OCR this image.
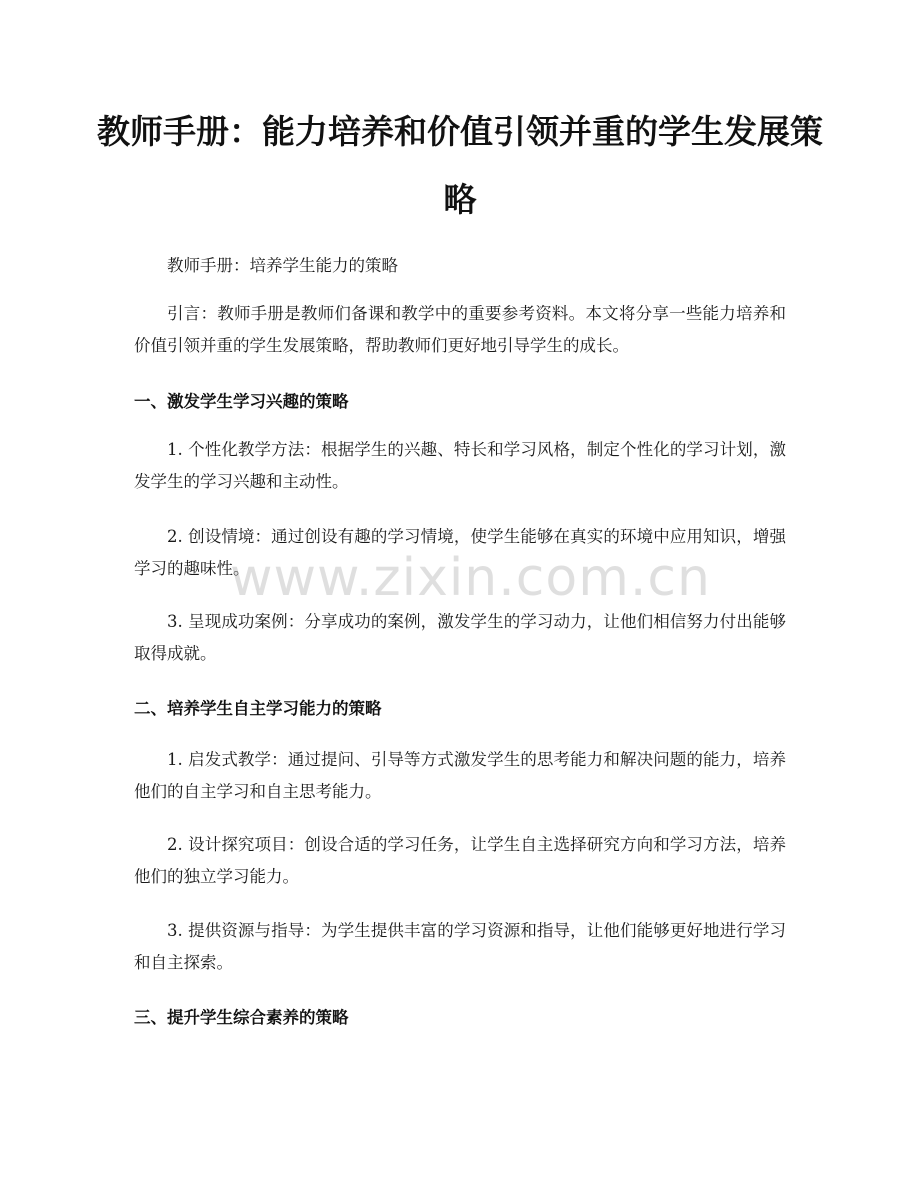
教师手册：能力培养和价值引领并重的学生发展策略

教师手册：培养学生能力的策略

引言：教师手册是教师们备课和教学中的重要参考资料。本文将分享一些能力培养和价值引领并重的学生发展策略，帮助教师们更好地引导学生的成长。

一、激发学生学习兴趣的策略

1. 个性化教学方法：根据学生的兴趣、特长和学习风格，制定个性化的学习计划，激发学生的学习兴趣和主动性。

2. 创设情境：通过创设有趣的学习情境，使学生能够在真实的环境中应用知识，增强学习的趣味性。

3. 呈现成功案例：分享成功的案例，激发学生的学习动力，让他们相信努力付出能够取得成就。

二、培养学生自主学习能力的策略

1. 启发式教学：通过提问、引导等方式激发学生的思考能力和解决问题的能力，培养他们的自主学习和自主思考能力。

2. 设计探究项目：创设合适的学习任务，让学生自主选择研究方向和学习方法，培养他们的独立学习能力。

3. 提供资源与指导：为学生提供丰富的学习资源和指导，让他们能够更好地进行学习和自主探索。

三、提升学生综合素养的策略
www.zixin.com.cn
